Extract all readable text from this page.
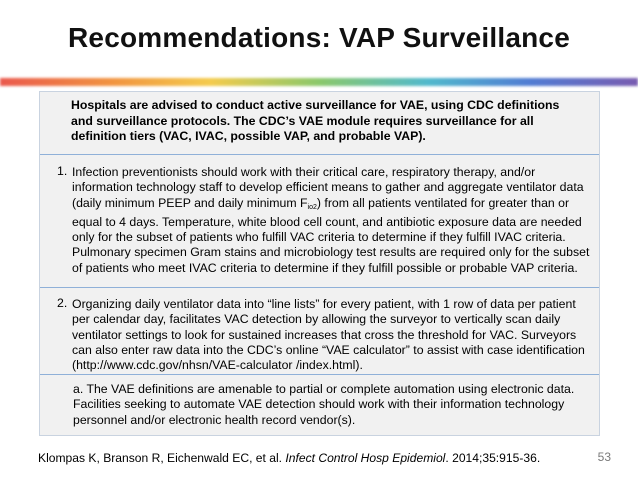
Recommendations: VAP Surveillance
Hospitals are advised to conduct active surveillance for VAE, using CDC definitions and surveillance protocols. The CDC’s VAE module requires surveillance for all definition tiers (VAC, IVAC, possible VAP, and probable VAP).
1. Infection preventionists should work with their critical care, respiratory therapy, and/or information technology staff to develop efficient means to gather and aggregate ventilator data (daily minimum PEEP and daily minimum $F_{io2}$) from all patients ventilated for greater than or equal to 4 days. Temperature, white blood cell count, and antibiotic exposure data are needed only for the subset of patients who fulfill VAC criteria to determine if they fulfill IVAC criteria. Pulmonary specimen Gram stains and microbiology test results are required only for the subset of patients who meet IVAC criteria to determine if they fulfill possible or probable VAP criteria.
2. Organizing daily ventilator data into “line lists” for every patient, with 1 row of data per patient per calendar day, facilitates VAC detection by allowing the surveyor to vertically scan daily ventilator settings to look for sustained increases that cross the threshold for VAC. Surveyors can also enter raw data into the CDC’s online “VAE calculator” to assist with case identification (http://www.cdc.gov/nhsn/VAE-calculator /index.html).
a. The VAE definitions are amenable to partial or complete automation using electronic data. Facilities seeking to automate VAE detection should work with their information technology personnel and/or electronic health record vendor(s).
Klompas K, Branson R, Eichenwald EC, et al. Infect Control Hosp Epidemiol. 2014;35:915-36.	53
